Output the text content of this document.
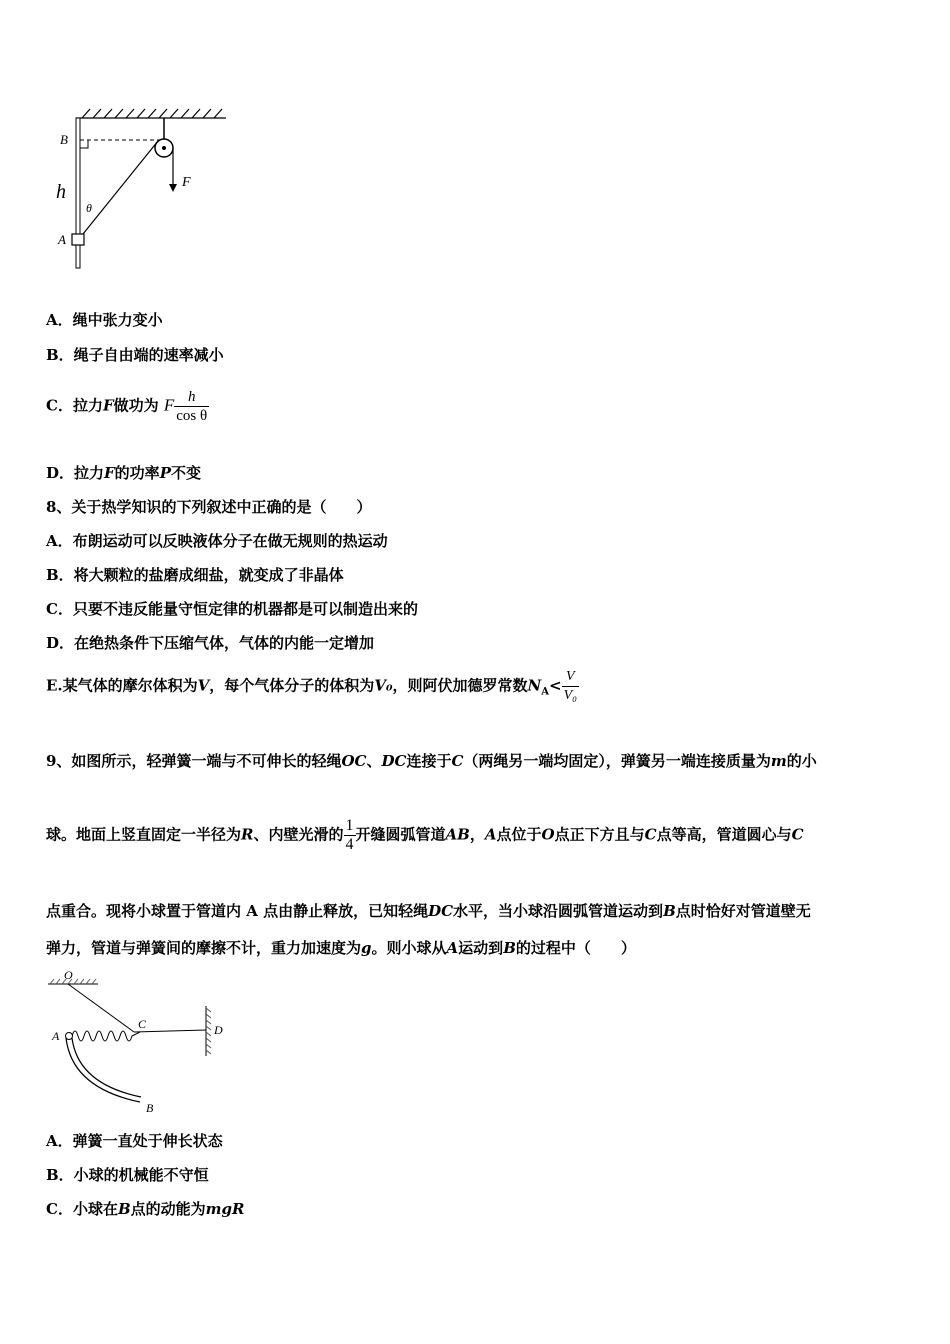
B
h
θ
A
F
A．绳中张力变小
B．绳子自由端的速率减小
C．拉力F做功为 F $\frac{h}{\text{cos θ}}$
D．拉力F的功率P不变
8、关于热学知识的下列叙述中正确的是（　　）
A．布朗运动可以反映液体分子在做无规则的热运动
B．将大颗粒的盐磨成细盐，就变成了非晶体
C．只要不违反能量守恒定律的机器都是可以制造出来的
D．在绝热条件下压缩气体，气体的内能一定增加
E.某气体的摩尔体积为V，每个气体分子的体积为V₀，则阿伏加德罗常数$N_A< \frac{V}{\text{V₀}}$
9、如图所示，轻弹簧一端与不可伸长的轻绳OC、DC连接于C（两绳另一端均固定），弹簧另一端连接质量为m的小
球。地面上竖直固定一半径为R、内壁光滑的 $\frac{1}{4}$ 开缝圆弧管道AB，A点位于O点正下方且与C点等高，管道圆心与C
点重合。现将小球置于管道内 A 点由静止释放，已知轻绳DC水平，当小球沿圆弧管道运动到B点时恰好对管道壁无
弹力，管道与弹簧间的摩擦不计，重力加速度为g。则小球从A运动到B的过程中（　　）
O
A
C	D
B
A．弹簧一直处于伸长状态
B．小球的机械能不守恒
C．小球在B点的动能为mgR
